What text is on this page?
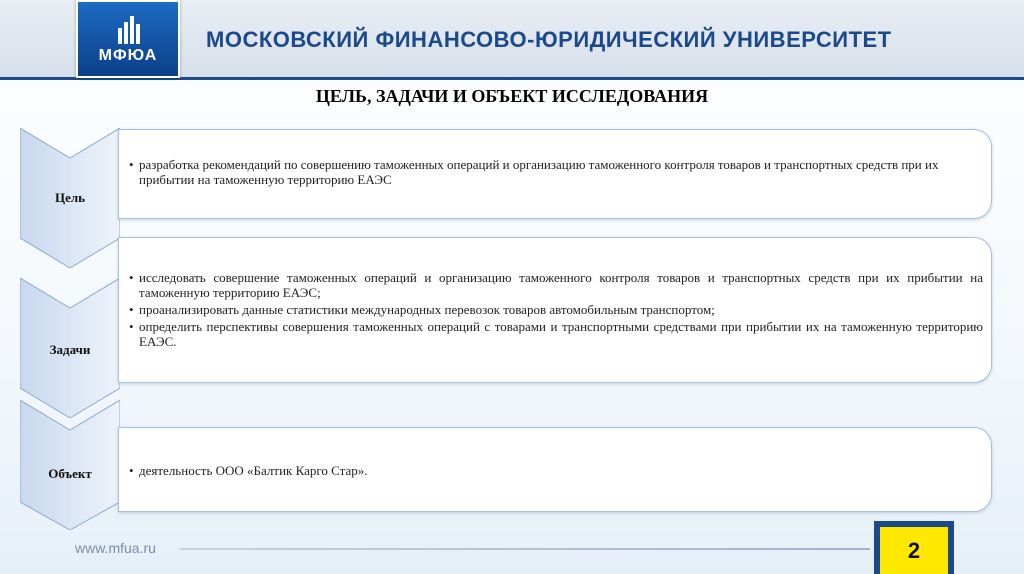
МФЮА
МОСКОВСКИЙ ФИНАНСОВО-ЮРИДИЧЕСКИЙ УНИВЕРСИТЕТ
ЦЕЛЬ, ЗАДАЧИ И ОБЪЕКТ ИССЛЕДОВАНИЯ
Цель
Задачи
Объект
• разработка рекомендаций по совершению таможенных операций и организацию таможенного контроля товаров и транспортных средств при их прибытии на таможенную территорию ЕАЭС
• исследовать совершение таможенных операций и организацию таможенного контроля товаров и транспортных средств при их прибытии на таможенную территорию ЕАЭС;
• проанализировать данные статистики международных перевозок товаров автомобильным транспортом;
• определить перспективы совершения таможенных операций с товарами и транспортными средствами при прибытии их на таможенную территорию ЕАЭС.
• деятельность ООО «Балтик Карго Стар».
www.mfua.ru	2
